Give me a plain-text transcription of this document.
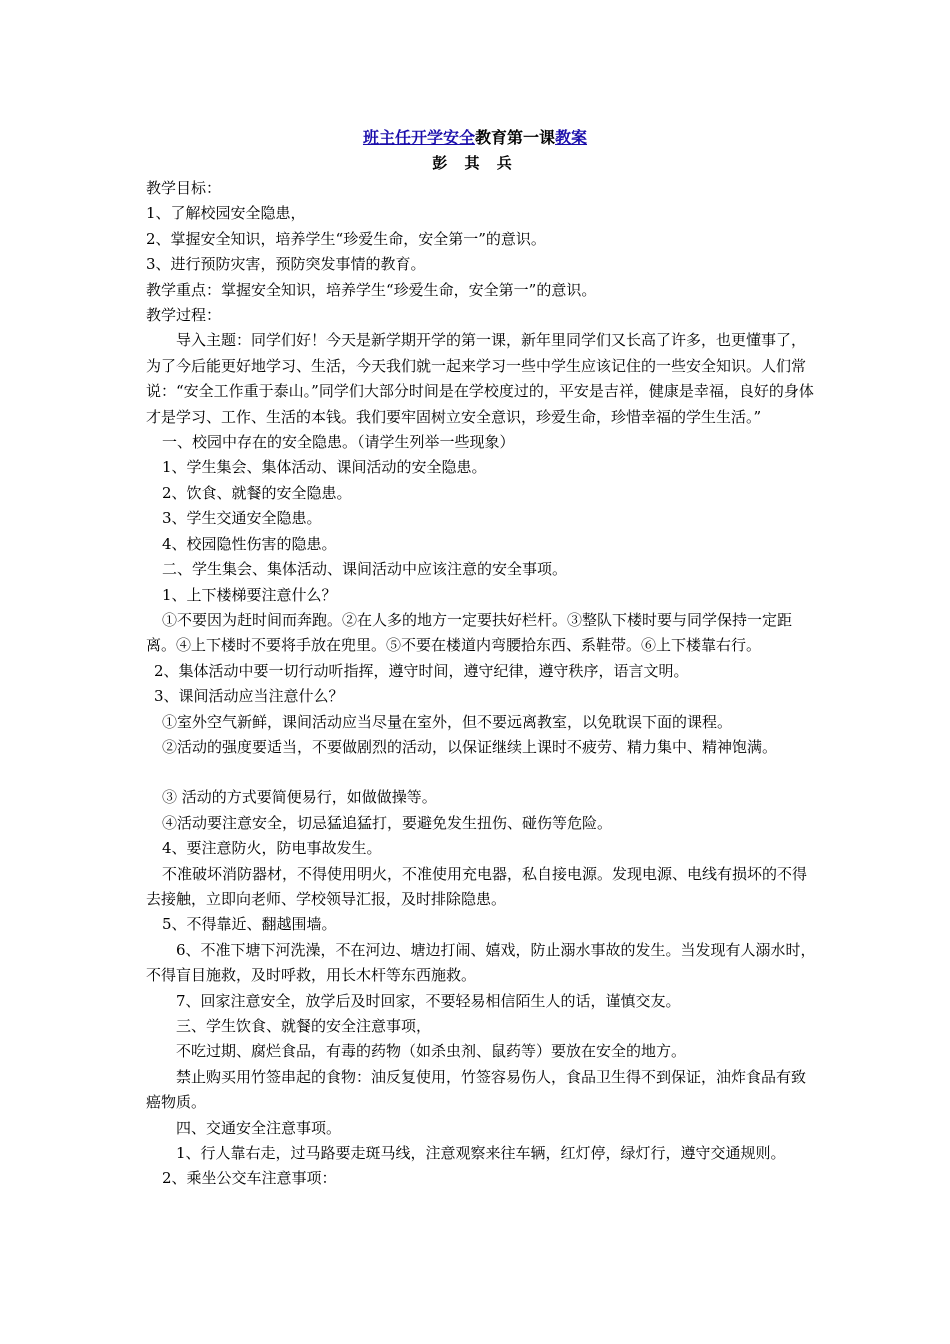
班主任开学安全教育第一课教案
彭 其 兵

教学目标：

1、了解校园安全隐患，

2、掌握安全知识，培养学生“珍爱生命，安全第一”的意识。

3、进行预防灾害，预防突发事情的教育。

教学重点：掌握安全知识，培养学生“珍爱生命，安全第一”的意识。

教学过程：

导入主题：同学们好！今天是新学期开学的第一课，新年里同学们又长高了许多，也更懂事了，为了今后能更好地学习、生活，今天我们就一起来学习一些中学生应该记住的一些安全知识。人们常说：“安全工作重于泰山。”同学们大部分时间是在学校度过的，平安是吉祥，健康是幸福，良好的身体才是学习、工作、生活的本钱。我们要牢固树立安全意识，珍爱生命，珍惜幸福的学生生活。”

一、校园中存在的安全隐患。（请学生列举一些现象）

1、学生集会、集体活动、课间活动的安全隐患。

2、饮食、就餐的安全隐患。

3、学生交通安全隐患。

4、校园隐性伤害的隐患。

二、学生集会、集体活动、课间活动中应该注意的安全事项。

1、上下楼梯要注意什么？

①不要因为赶时间而奔跑。②在人多的地方一定要扶好栏杆。③整队下楼时要与同学保持一定距离。④上下楼时不要将手放在兜里。⑤不要在楼道内弯腰拾东西、系鞋带。⑥上下楼靠右行。

2、集体活动中要一切行动听指挥，遵守时间，遵守纪律，遵守秩序，语言文明。

3、课间活动应当注意什么？

①室外空气新鲜，课间活动应当尽量在室外，但不要远离教室，以免耽误下面的课程。

②活动的强度要适当，不要做剧烈的活动，以保证继续上课时不疲劳、精力集中、精神饱满。

③ 活动的方式要简便易行，如做做操等。

④活动要注意安全，切忌猛追猛打，要避免发生扭伤、碰伤等危险。

4、要注意防火，防电事故发生。

不准破坏消防器材，不得使用明火，不准使用充电器，私自接电源。发现电源、电线有损坏的不得去接触，立即向老师、学校领导汇报，及时排除隐患。

5、不得靠近、翻越围墙。

6、不准下塘下河洗澡，不在河边、塘边打闹、嬉戏，防止溺水事故的发生。当发现有人溺水时，不得盲目施救，及时呼救，用长木杆等东西施救。

7、回家注意安全，放学后及时回家，不要轻易相信陌生人的话，谨慎交友。

三、学生饮食、就餐的安全注意事项，

不吃过期、腐烂食品，有毒的药物（如杀虫剂、鼠药等）要放在安全的地方。

禁止购买用竹签串起的食物：油反复使用，竹签容易伤人，食品卫生得不到保证，油炸食品有致癌物质。

四、交通安全注意事项。

1、行人靠右走，过马路要走斑马线，注意观察来往车辆，红灯停，绿灯行，遵守交通规则。

2、乘坐公交车注意事项：
